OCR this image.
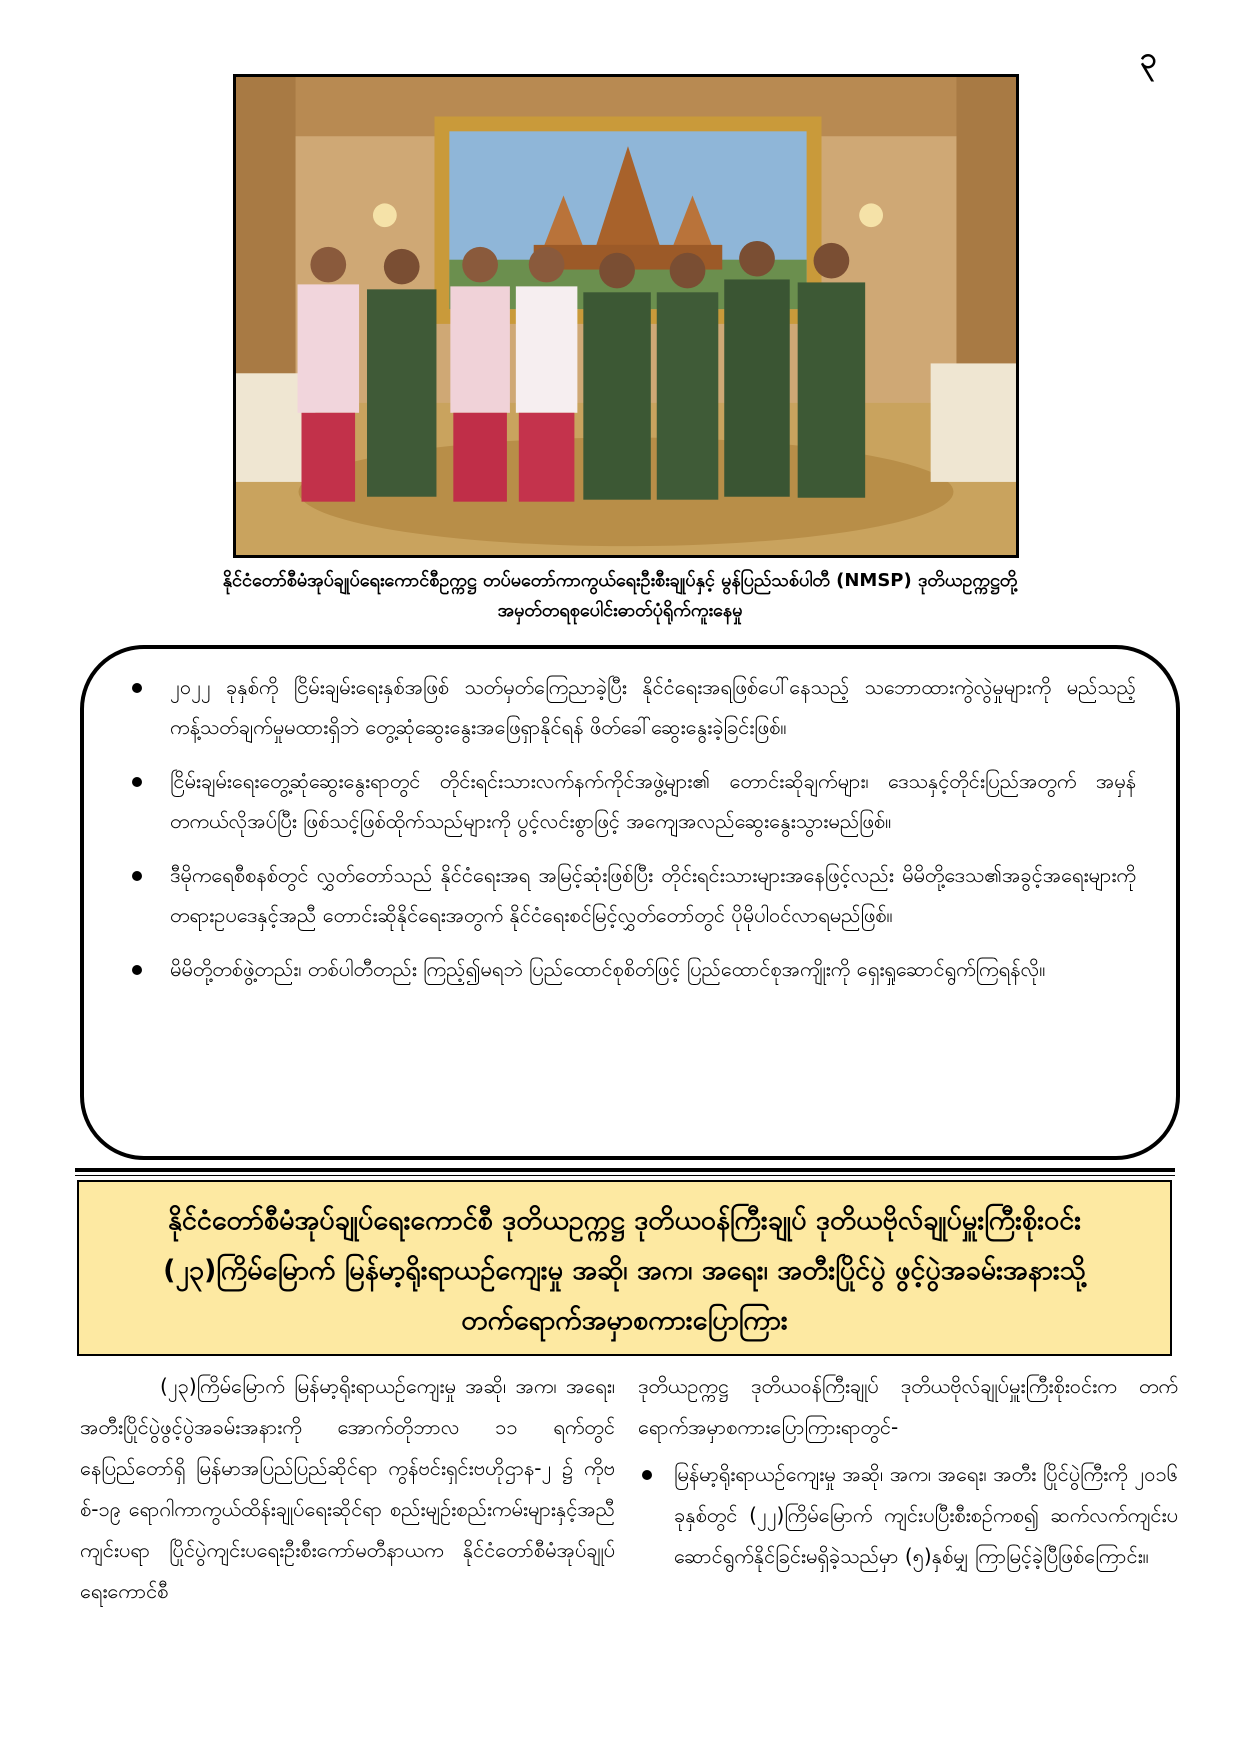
၃
နိုင်ငံတော်စီမံအုပ်ချုပ်ရေးကောင်စီဥက္ကဋ္ဌ တပ်မတော်ကာကွယ်ရေးဦးစီးချုပ်နှင့် မွန်ပြည်သစ်ပါတီ (NMSP) ဒုတိယဥက္ကဋ္ဌတို့
အမှတ်တရစုပေါင်းဓာတ်ပုံရိုက်ကူးနေမှု
၂၀၂၂ ခုနှစ်ကို ငြိမ်းချမ်းရေးနှစ်အဖြစ် သတ်မှတ်ကြေညာခဲ့ပြီး နိုင်ငံရေးအရဖြစ်ပေါ်နေသည့် သဘောထားကွဲလွဲမှုများကို မည်သည့်ကန့်သတ်ချက်မှုမထားရှိဘဲ တွေ့ဆုံဆွေးနွေးအဖြေရှာနိုင်ရန် ဖိတ်ခေါ်ဆွေးနွေးခဲ့ခြင်းဖြစ်။
ငြိမ်းချမ်းရေးတွေ့ဆုံဆွေးနွေးရာတွင် တိုင်းရင်းသားလက်နက်ကိုင်အဖွဲ့များ၏ တောင်းဆိုချက်များ၊ ဒေသနှင့်တိုင်းပြည်အတွက် အမှန်တကယ်လိုအပ်ပြီး ဖြစ်သင့်ဖြစ်ထိုက်သည်များကို ပွင့်လင်းစွာဖြင့် အကျေအလည်ဆွေးနွေးသွားမည်ဖြစ်။
ဒီမိုကရေစီစနစ်တွင် လွှတ်တော်သည် နိုင်ငံရေးအရ အမြင့်ဆုံးဖြစ်ပြီး တိုင်းရင်းသားများအနေဖြင့်လည်း မိမိတို့ဒေသ၏အခွင့်အရေးများကို တရားဥပဒေနှင့်အညီ တောင်းဆိုနိုင်ရေးအတွက် နိုင်ငံရေးစင်မြင့်လွှတ်တော်တွင် ပိုမိုပါဝင်လာရမည်ဖြစ်။
မိမိတို့တစ်ဖွဲ့တည်း၊ တစ်ပါတီတည်း ကြည့်၍မရဘဲ ပြည်ထောင်စုစိတ်ဖြင့် ပြည်ထောင်စုအကျိုးကို ရှေးရှုဆောင်ရွက်ကြရန်လို။
နိုင်ငံတော်စီမံအုပ်ချုပ်ရေးကောင်စီ ဒုတိယဥက္ကဋ္ဌ ဒုတိယဝန်ကြီးချုပ် ဒုတိယဗိုလ်ချုပ်မှူးကြီးစိုးဝင်း
(၂၃)ကြိမ်မြောက် မြန်မာ့ရိုးရာယဉ်ကျေးမှု အဆို၊ အက၊ အရေး၊ အတီးပြိုင်ပွဲ ဖွင့်ပွဲအခမ်းအနားသို့
တက်ရောက်အမှာစကားပြောကြား

(၂၃)ကြိမ်မြောက် မြန်မာ့ရိုးရာယဉ်ကျေးမှု အဆို၊ အက၊ အရေး၊ အတီးပြိုင်ပွဲဖွင့်ပွဲအခမ်းအနားကို အောက်တိုဘာလ ၁၁ ရက်တွင် နေပြည်တော်ရှိ မြန်မာအပြည်ပြည်ဆိုင်ရာ ကွန်ဗင်းရှင်းဗဟိုဌာန-၂ ၌ ကိုဗစ်-၁၉ ရောဂါကာကွယ်ထိန်းချုပ်ရေးဆိုင်ရာ စည်းမျဉ်းစည်းကမ်းများနှင့်အညီ ကျင်းပရာ ပြိုင်ပွဲကျင်းပရေးဦးစီးကော်မတီနာယက နိုင်ငံတော်စီမံအုပ်ချုပ်ရေးကောင်စီ

ဒုတိယဥက္ကဋ္ဌ ဒုတိယဝန်ကြီးချုပ် ဒုတိယဗိုလ်ချုပ်မှူးကြီးစိုးဝင်းက တက်ရောက်အမှာစကားပြောကြားရာတွင်-

မြန်မာ့ရိုးရာယဉ်ကျေးမှု အဆို၊ အက၊ အရေး၊ အတီး ပြိုင်ပွဲကြီးကို ၂၀၁၆ ခုနှစ်တွင် (၂၂)ကြိမ်မြောက် ကျင်းပပြီးစီးစဉ်ကစ၍ ဆက်လက်ကျင်းပဆောင်ရွက်နိုင်ခြင်းမရှိခဲ့သည်မှာ (၅)နှစ်မျှ ကြာမြင့်ခဲ့ပြီဖြစ်ကြောင်း။
